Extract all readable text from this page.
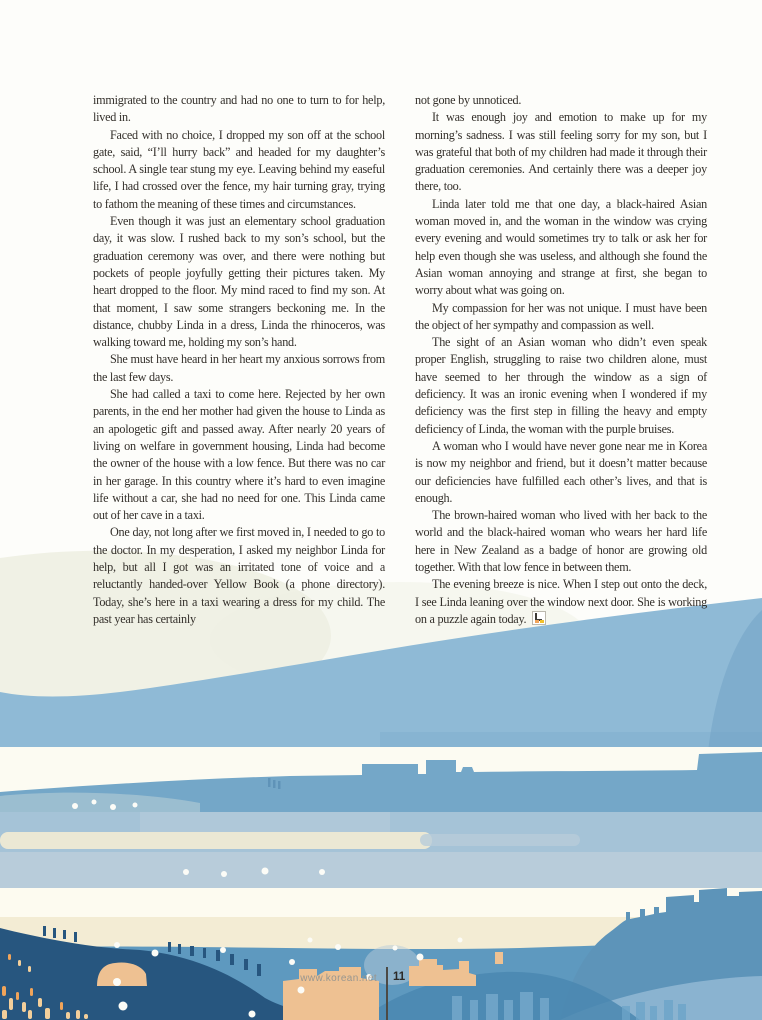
immigrated to the country and had no one to turn to for help, lived in.

Faced with no choice, I dropped my son off at the school gate, said, “I’ll hurry back” and headed for my daughter’s school. A single tear stung my eye. Leaving behind my easeful life, I had crossed over the fence, my hair turning gray, trying to fathom the meaning of these times and circumstances.

Even though it was just an elementary school graduation day, it was slow. I rushed back to my son’s school, but the graduation ceremony was over, and there were nothing but pockets of people joyfully getting their pictures taken. My heart dropped to the floor. My mind raced to find my son. At that moment, I saw some strangers beckoning me. In the distance, chubby Linda in a dress, Linda the rhinoceros, was walking toward me, holding my son’s hand.

She must have heard in her heart my anxious sorrows from the last few days.

She had called a taxi to come here. Rejected by her own parents, in the end her mother had given the house to Linda as an apologetic gift and passed away. After nearly 20 years of living on welfare in government housing, Linda had become the owner of the house with a low fence. But there was no car in her garage. In this country where it’s hard to even imagine life without a car, she had no need for one. This Linda came out of her cave in a taxi.

One day, not long after we first moved in, I needed to go to the doctor. In my desperation, I asked my neighbor Linda for help, but all I got was an irritated tone of voice and a reluctantly handed-over Yellow Book (a phone directory). Today, she’s here in a taxi wearing a dress for my child. The past year has certainly

not gone by unnoticed.

It was enough joy and emotion to make up for my morning’s sadness. I was still feeling sorry for my son, but I was grateful that both of my children had made it through their graduation ceremonies. And certainly there was a deeper joy there, too.

Linda later told me that one day, a black-haired Asian woman moved in, and the woman in the window was crying every evening and would sometimes try to talk or ask her for help even though she was useless, and although she found the Asian woman annoying and strange at first, she began to worry about what was going on.

My compassion for her was not unique. I must have been the object of her sympathy and compassion as well.

The sight of an Asian woman who didn’t even speak proper English, struggling to raise two children alone, must have seemed to her through the window as a sign of deficiency. It was an ironic evening when I wondered if my deficiency was the first step in filling the heavy and empty deficiency of Linda, the woman with the purple bruises.

A woman who I would have never gone near me in Korea is now my neighbor and friend, but it doesn’t matter because our deficiencies have fulfilled each other’s lives, and that is enough.

The brown-haired woman who lived with her back to the world and the black-haired woman who wears her hard life here in New Zealand as a badge of honor are growing old together. With that low fence in between them.

The evening breeze is nice. When I step out onto the deck, I see Linda leaning over the window next door. She is working on a puzzle again today.

www.korean.net 11
